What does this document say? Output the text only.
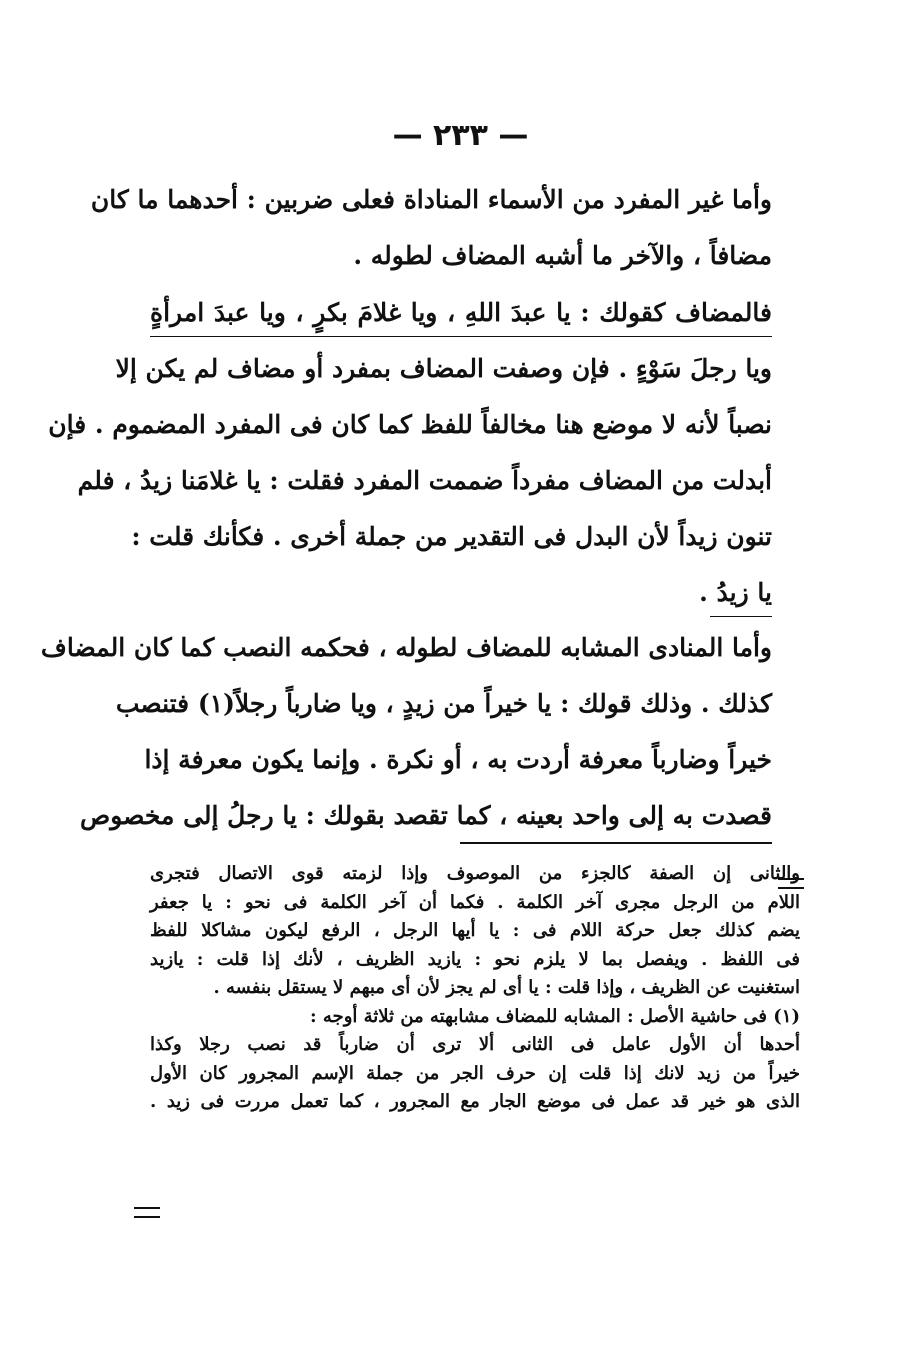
— ٢٣٣ —
وأما غير المفرد من الأسماء المناداة فعلى ضربين : أحدهما ما كان
مضافاً ، والآخر ما أشبه المضاف لطوله .
فالمضاف كقولك : يا عبدَ اللهِ ، ويا غلامَ بكرٍ ، ويا عبدَ امرأةٍ
ويا رجلَ سَوْءٍ . فإن وصفت المضاف بمفرد أو مضاف لم يكن إلا
نصباً لأنه لا موضع هنا مخالفاً للفظ كما كان فى المفرد المضموم . فإن
أبدلت من المضاف مفرداً ضممت المفرد فقلت : يا غلامَنا زيدُ ، فلم
تنون زيداً لأن البدل فى التقدير من جملة أخرى . فكأنك قلت :
يا زيدُ .
وأما المنادى المشابه للمضاف لطوله ، فحكمه النصب كما كان المضاف
كذلك . وذلك قولك : يا خيراً من زيدٍ ، ويا ضارباً رجلاً(١) فتنصب
خيراً وضارباً معرفة أردت به ، أو نكرة . وإنما يكون معرفة إذا
قصدت به إلى واحد بعينه ، كما تقصد بقولك : يا رجلُ إلى مخصوص
والثانى إن الصفة كالجزء من الموصوف وإذا لزمته قوى الاتصال فتجرى
اللام من الرجل مجرى آخر الكلمة . فكما أن آخر الكلمة فى نحو : يا جعفر
يضم كذلك جعل حركة اللام فى : يا أيها الرجل ، الرفع ليكون مشاكلا للفظ
فى اللفظ . ويفصل بما لا يلزم نحو : يازيد الظريف ، لأنك إذا قلت : يازيد
استغنيت عن الظريف ، وإذا قلت : يا أى لم يجز لأن أى مبهم لا يستقل بنفسه .
(١) فى حاشية الأصل : المشابه للمضاف مشابهته من ثلاثة أوجه :
أحدها أن الأول عامل فى الثانى ألا ترى أن ضارباً قد نصب رجلا وكذا
خيراً من زيد لانك إذا قلت إن حرف الجر من جملة الإسم المجرور كان الأول
الذى هو خير قد عمل فى موضع الجار مع المجرور ، كما تعمل مررت فى زيد .
